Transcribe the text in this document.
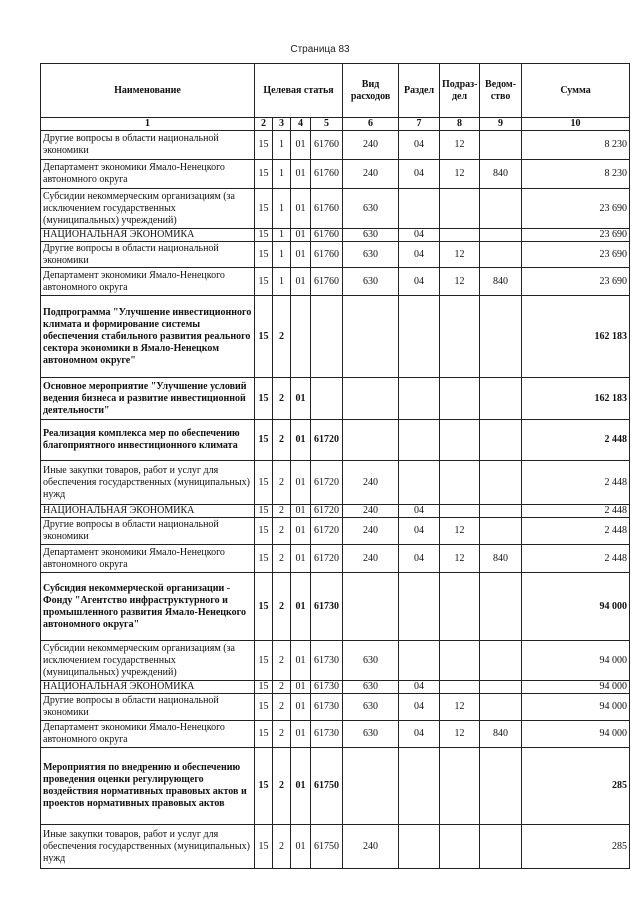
Страница 83
Наименование	Целевая статья				Вид расходов	Раздел	Подраз-дел	Ведом-ство	Сумма
1	2	3	4	5	6	7	8	9	10
Другие вопросы в области национальной экономики	15	1	01	61760	240	04	12		8 230
Департамент экономики Ямало-Ненецкого автономного округа	15	1	01	61760	240	04	12	840	8 230
Субсидии некоммерческим организациям (за исключением государственных (муниципальных) учреждений)	15	1	01	61760	630				23 690
НАЦИОНАЛЬНАЯ ЭКОНОМИКА	15	1	01	61760	630	04			23 690
Другие вопросы в области национальной экономики	15	1	01	61760	630	04	12		23 690
Департамент экономики Ямало-Ненецкого автономного округа	15	1	01	61760	630	04	12	840	23 690
Подпрограмма "Улучшение инвестиционного климата и формирование системы обеспечения стабильного развития реального сектора экономики в Ямало-Ненецком автономном округе"	15	2							162 183
Основное мероприятие "Улучшение условий ведения бизнеса и развитие инвестиционной деятельности"	15	2	01						162 183
Реализация комплекса мер по обеспечению благоприятного инвестиционного климата	15	2	01	61720					2 448
Иные закупки товаров, работ и услуг для обеспечения государственных (муниципальных) нужд	15	2	01	61720	240				2 448
НАЦИОНАЛЬНАЯ ЭКОНОМИКА	15	2	01	61720	240	04			2 448
Другие вопросы в области национальной экономики	15	2	01	61720	240	04	12		2 448
Департамент экономики Ямало-Ненецкого автономного округа	15	2	01	61720	240	04	12	840	2 448
Субсидия некоммерческой организации - Фонду "Агентство инфраструктурного и промышленного развития Ямало-Ненецкого автономного округа"	15	2	01	61730					94 000
Субсидии некоммерческим организациям (за исключением государственных (муниципальных) учреждений)	15	2	01	61730	630				94 000
НАЦИОНАЛЬНАЯ ЭКОНОМИКА	15	2	01	61730	630	04			94 000
Другие вопросы в области национальной экономики	15	2	01	61730	630	04	12		94 000
Департамент экономики Ямало-Ненецкого автономного округа	15	2	01	61730	630	04	12	840	94 000
Мероприятия по внедрению и обеспечению проведения оценки регулирующего воздействия нормативных правовых актов и проектов нормативных правовых актов	15	2	01	61750					285
Иные закупки товаров, работ и услуг для обеспечения государственных (муниципальных) нужд	15	2	01	61750	240				285
